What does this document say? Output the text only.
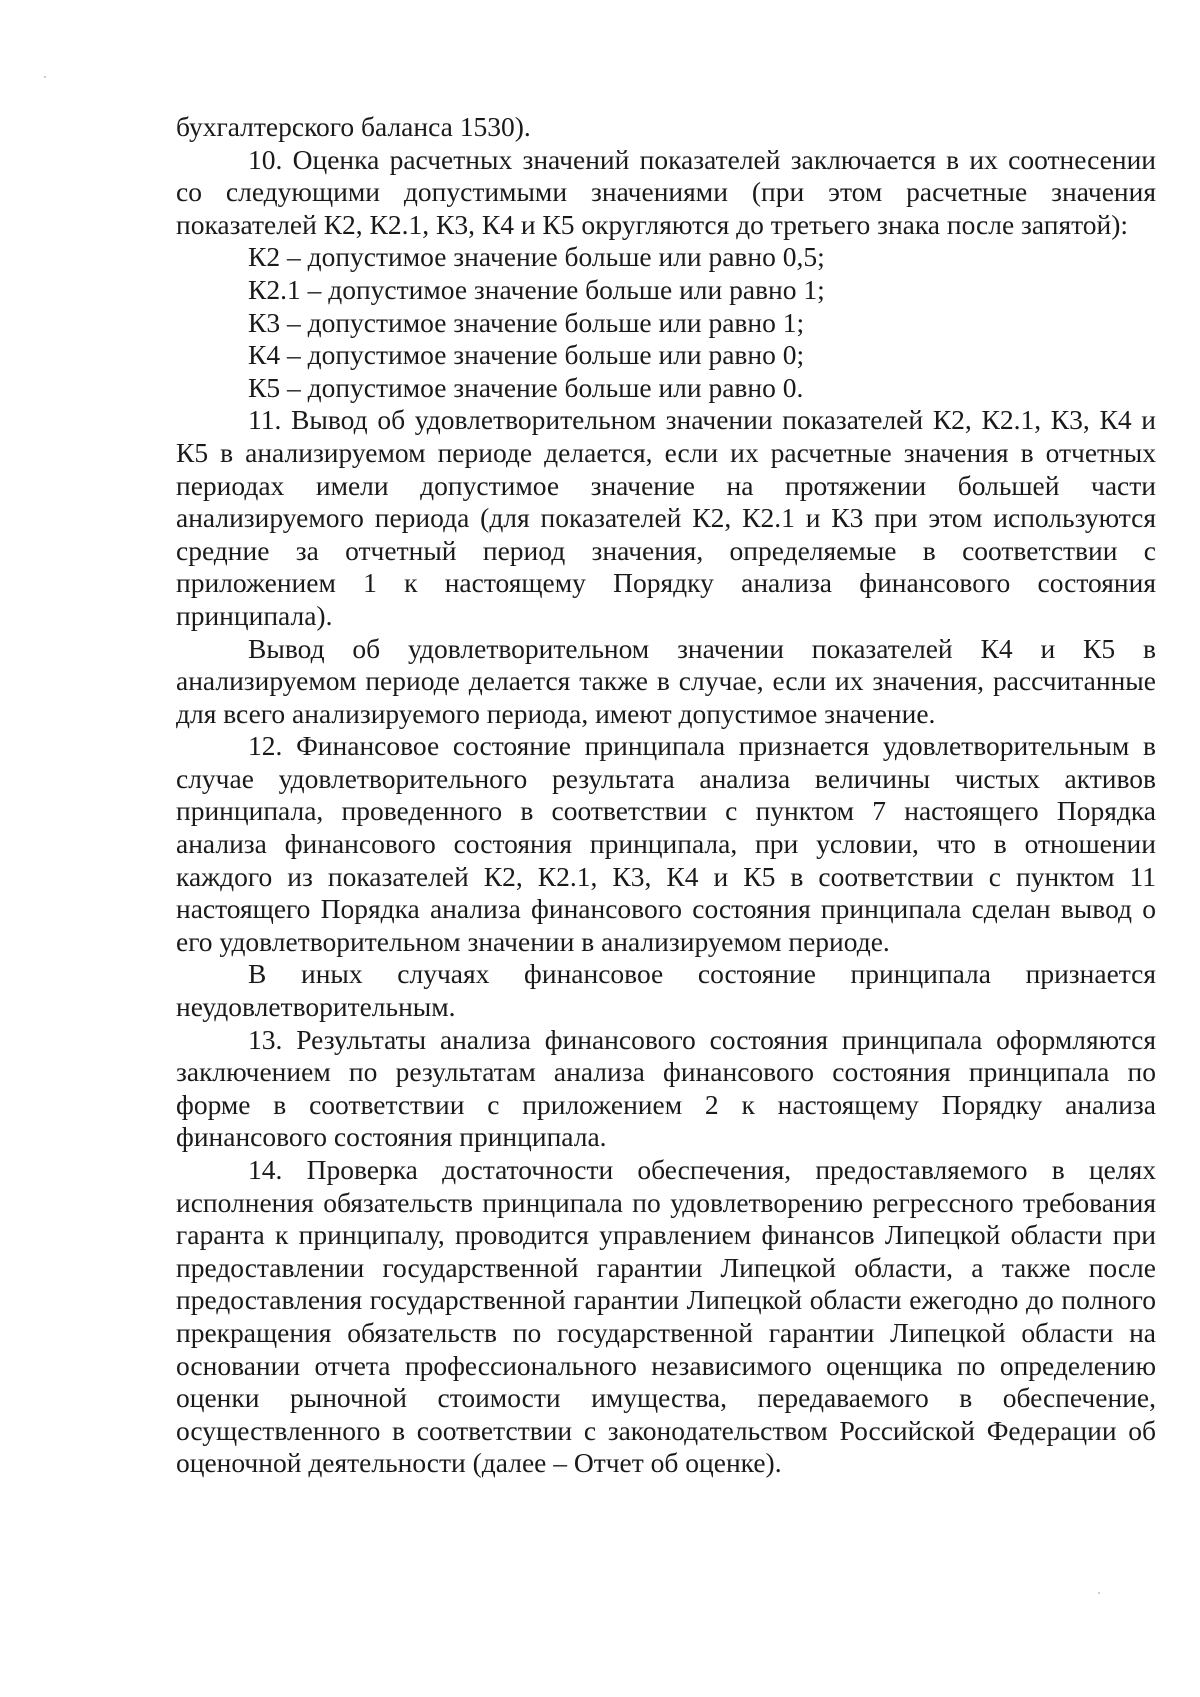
бухгалтерского баланса 1530).

10. Оценка расчетных значений показателей заключается в их соотнесении со следующими допустимыми значениями (при этом расчетные значения показателей К2, К2.1, К3, К4 и К5 округляются до третьего знака после запятой):

К2 – допустимое значение больше или равно 0,5;

К2.1 – допустимое значение больше или равно 1;

К3 – допустимое значение больше или равно 1;

К4 – допустимое значение больше или равно 0;

К5 – допустимое значение больше или равно 0.

11. Вывод об удовлетворительном значении показателей К2, К2.1, К3, К4 и К5 в анализируемом периоде делается, если их расчетные значения в отчетных периодах имели допустимое значение на протяжении большей части анализируемого периода (для показателей К2, К2.1 и К3 при этом используются средние за отчетный период значения, определяемые в соответствии с приложением 1 к настоящему Порядку анализа финансового состояния принципала).

Вывод об удовлетворительном значении показателей К4 и К5 в анализируемом периоде делается также в случае, если их значения, рассчитанные для всего анализируемого периода, имеют допустимое значение.

12. Финансовое состояние принципала признается удовлетворительным в случае удовлетворительного результата анализа величины чистых активов принципала, проведенного в соответствии с пунктом 7 настоящего Порядка анализа финансового состояния принципала, при условии, что в отношении каждого из показателей К2, К2.1, К3, К4 и К5 в соответствии с пунктом 11 настоящего Порядка анализа финансового состояния принципала сделан вывод о его удовлетворительном значении в анализируемом периоде.

В иных случаях финансовое состояние принципала признается неудовлетворительным.

13. Результаты анализа финансового состояния принципала оформляются заключением по результатам анализа финансового состояния принципала по форме в соответствии с приложением 2 к настоящему Порядку анализа финансового состояния принципала.

14. Проверка достаточности обеспечения, предоставляемого в целях исполнения обязательств принципала по удовлетворению регрессного требования гаранта к принципалу, проводится управлением финансов Липецкой области при предоставлении государственной гарантии Липецкой области, а также после предоставления государственной гарантии Липецкой области ежегодно до полного прекращения обязательств по государственной гарантии Липецкой области на основании отчета профессионального независимого оценщика по определению оценки рыночной стоимости имущества, передаваемого в обеспечение, осуществленного в соответствии с законодательством Российской Федерации об оценочной деятельности (далее – Отчет об оценке).
